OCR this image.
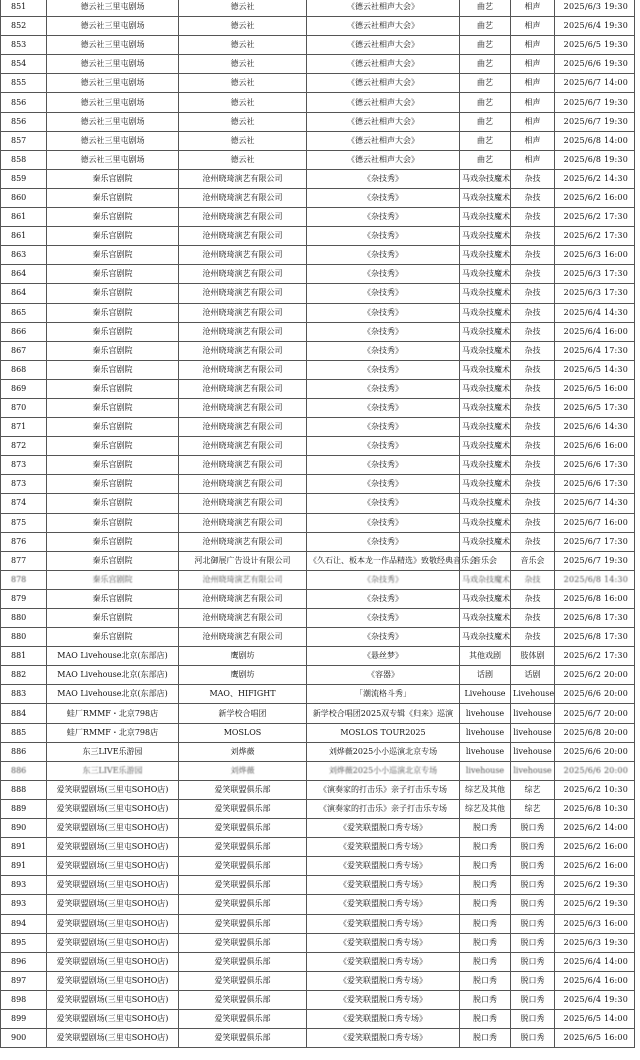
851	德云社三里屯剧场	德云社	《德云社相声大会》	曲艺	相声	2025/6/3 19:30
852	德云社三里屯剧场	德云社	《德云社相声大会》	曲艺	相声	2025/6/4 19:30
853	德云社三里屯剧场	德云社	《德云社相声大会》	曲艺	相声	2025/6/5 19:30
854	德云社三里屯剧场	德云社	《德云社相声大会》	曲艺	相声	2025/6/6 19:30
855	德云社三里屯剧场	德云社	《德云社相声大会》	曲艺	相声	2025/6/7 14:00
856	德云社三里屯剧场	德云社	《德云社相声大会》	曲艺	相声	2025/6/7 19:30
856	德云社三里屯剧场	德云社	《德云社相声大会》	曲艺	相声	2025/6/7 19:30
857	德云社三里屯剧场	德云社	《德云社相声大会》	曲艺	相声	2025/6/8 14:00
858	德云社三里屯剧场	德云社	《德云社相声大会》	曲艺	相声	2025/6/8 19:30
859	秦乐宫剧院	沧州晓琦演艺有限公司	《杂技秀》	马戏杂技魔术	杂技	2025/6/2 14:30
860	秦乐宫剧院	沧州晓琦演艺有限公司	《杂技秀》	马戏杂技魔术	杂技	2025/6/2 16:00
861	秦乐宫剧院	沧州晓琦演艺有限公司	《杂技秀》	马戏杂技魔术	杂技	2025/6/2 17:30
861	秦乐宫剧院	沧州晓琦演艺有限公司	《杂技秀》	马戏杂技魔术	杂技	2025/6/2 17:30
863	秦乐宫剧院	沧州晓琦演艺有限公司	《杂技秀》	马戏杂技魔术	杂技	2025/6/3 16:00
864	秦乐宫剧院	沧州晓琦演艺有限公司	《杂技秀》	马戏杂技魔术	杂技	2025/6/3 17:30
864	秦乐宫剧院	沧州晓琦演艺有限公司	《杂技秀》	马戏杂技魔术	杂技	2025/6/3 17:30
865	秦乐宫剧院	沧州晓琦演艺有限公司	《杂技秀》	马戏杂技魔术	杂技	2025/6/4 14:30
866	秦乐宫剧院	沧州晓琦演艺有限公司	《杂技秀》	马戏杂技魔术	杂技	2025/6/4 16:00
867	秦乐宫剧院	沧州晓琦演艺有限公司	《杂技秀》	马戏杂技魔术	杂技	2025/6/4 17:30
868	秦乐宫剧院	沧州晓琦演艺有限公司	《杂技秀》	马戏杂技魔术	杂技	2025/6/5 14:30
869	秦乐宫剧院	沧州晓琦演艺有限公司	《杂技秀》	马戏杂技魔术	杂技	2025/6/5 16:00
870	秦乐宫剧院	沧州晓琦演艺有限公司	《杂技秀》	马戏杂技魔术	杂技	2025/6/5 17:30
871	秦乐宫剧院	沧州晓琦演艺有限公司	《杂技秀》	马戏杂技魔术	杂技	2025/6/6 14:30
872	秦乐宫剧院	沧州晓琦演艺有限公司	《杂技秀》	马戏杂技魔术	杂技	2025/6/6 16:00
873	秦乐宫剧院	沧州晓琦演艺有限公司	《杂技秀》	马戏杂技魔术	杂技	2025/6/6 17:30
873	秦乐宫剧院	沧州晓琦演艺有限公司	《杂技秀》	马戏杂技魔术	杂技	2025/6/6 17:30
874	秦乐宫剧院	沧州晓琦演艺有限公司	《杂技秀》	马戏杂技魔术	杂技	2025/6/7 14:30
875	秦乐宫剧院	沧州晓琦演艺有限公司	《杂技秀》	马戏杂技魔术	杂技	2025/6/7 16:00
876	秦乐宫剧院	沧州晓琦演艺有限公司	《杂技秀》	马戏杂技魔术	杂技	2025/6/7 17:30
877	秦乐宫剧院	河北御展广告设计有限公司	《久石让、板本龙一作品精选》致敬经典音乐会	音乐会	音乐会	2025/6/7 19:30
878	秦乐宫剧院	沧州晓琦演艺有限公司	《杂技秀》	马戏杂技魔术	杂技	2025/6/8 14:30
879	秦乐宫剧院	沧州晓琦演艺有限公司	《杂技秀》	马戏杂技魔术	杂技	2025/6/8 16:00
880	秦乐宫剧院	沧州晓琦演艺有限公司	《杂技秀》	马戏杂技魔术	杂技	2025/6/8 17:30
880	秦乐宫剧院	沧州晓琦演艺有限公司	《杂技秀》	马戏杂技魔术	杂技	2025/6/8 17:30
881	MAO Livehouse北京(东部店)	鹰剧坊	《悬丝梦》	其他戏剧	肢体剧	2025/6/2 17:30
882	MAO Livehouse北京(东部店)	鹰剧坊	《容器》	话剧	话剧	2025/6/2 20:00
883	MAO Livehouse北京(东部店)	MAO、HIFIGHT	「潮流格斗秀」	Livehouse	Livehouse	2025/6/6 20:00
884	蛙厂RMMF・北京798店	新学校合唱团	新学校合唱团2025双专辑《归来》巡演	livehouse	livehouse	2025/6/7 20:00
885	蛙厂RMMF・北京798店	MOSLOS	MOSLOS TOUR2025	livehouse	livehouse	2025/6/8 20:00
886	东三LIVE乐游园	刘烨薇	刘烨薇2025小小巡演北京专场	livehouse	livehouse	2025/6/6 20:00
886	东三LIVE乐游园	刘烨薇	刘烨薇2025小小巡演北京专场	livehouse	livehouse	2025/6/6 20:00
888	爱笑联盟剧场(三里屯SOHO店)	爱笑联盟俱乐部	《演奏家的打击乐》亲子打击乐专场	综艺及其他	综艺	2025/6/2 10:30
889	爱笑联盟剧场(三里屯SOHO店)	爱笑联盟俱乐部	《演奏家的打击乐》亲子打击乐专场	综艺及其他	综艺	2025/6/8 10:30
890	爱笑联盟剧场(三里屯SOHO店)	爱笑联盟俱乐部	《爱笑联盟脱口秀专场》	脱口秀	脱口秀	2025/6/2 14:00
891	爱笑联盟剧场(三里屯SOHO店)	爱笑联盟俱乐部	《爱笑联盟脱口秀专场》	脱口秀	脱口秀	2025/6/2 16:00
891	爱笑联盟剧场(三里屯SOHO店)	爱笑联盟俱乐部	《爱笑联盟脱口秀专场》	脱口秀	脱口秀	2025/6/2 16:00
893	爱笑联盟剧场(三里屯SOHO店)	爱笑联盟俱乐部	《爱笑联盟脱口秀专场》	脱口秀	脱口秀	2025/6/2 19:30
893	爱笑联盟剧场(三里屯SOHO店)	爱笑联盟俱乐部	《爱笑联盟脱口秀专场》	脱口秀	脱口秀	2025/6/2 19:30
894	爱笑联盟剧场(三里屯SOHO店)	爱笑联盟俱乐部	《爱笑联盟脱口秀专场》	脱口秀	脱口秀	2025/6/3 16:00
895	爱笑联盟剧场(三里屯SOHO店)	爱笑联盟俱乐部	《爱笑联盟脱口秀专场》	脱口秀	脱口秀	2025/6/3 19:30
896	爱笑联盟剧场(三里屯SOHO店)	爱笑联盟俱乐部	《爱笑联盟脱口秀专场》	脱口秀	脱口秀	2025/6/4 14:00
897	爱笑联盟剧场(三里屯SOHO店)	爱笑联盟俱乐部	《爱笑联盟脱口秀专场》	脱口秀	脱口秀	2025/6/4 16:00
898	爱笑联盟剧场(三里屯SOHO店)	爱笑联盟俱乐部	《爱笑联盟脱口秀专场》	脱口秀	脱口秀	2025/6/4 19:30
899	爱笑联盟剧场(三里屯SOHO店)	爱笑联盟俱乐部	《爱笑联盟脱口秀专场》	脱口秀	脱口秀	2025/6/5 14:00
900	爱笑联盟剧场(三里屯SOHO店)	爱笑联盟俱乐部	《爱笑联盟脱口秀专场》	脱口秀	脱口秀	2025/6/5 16:00
